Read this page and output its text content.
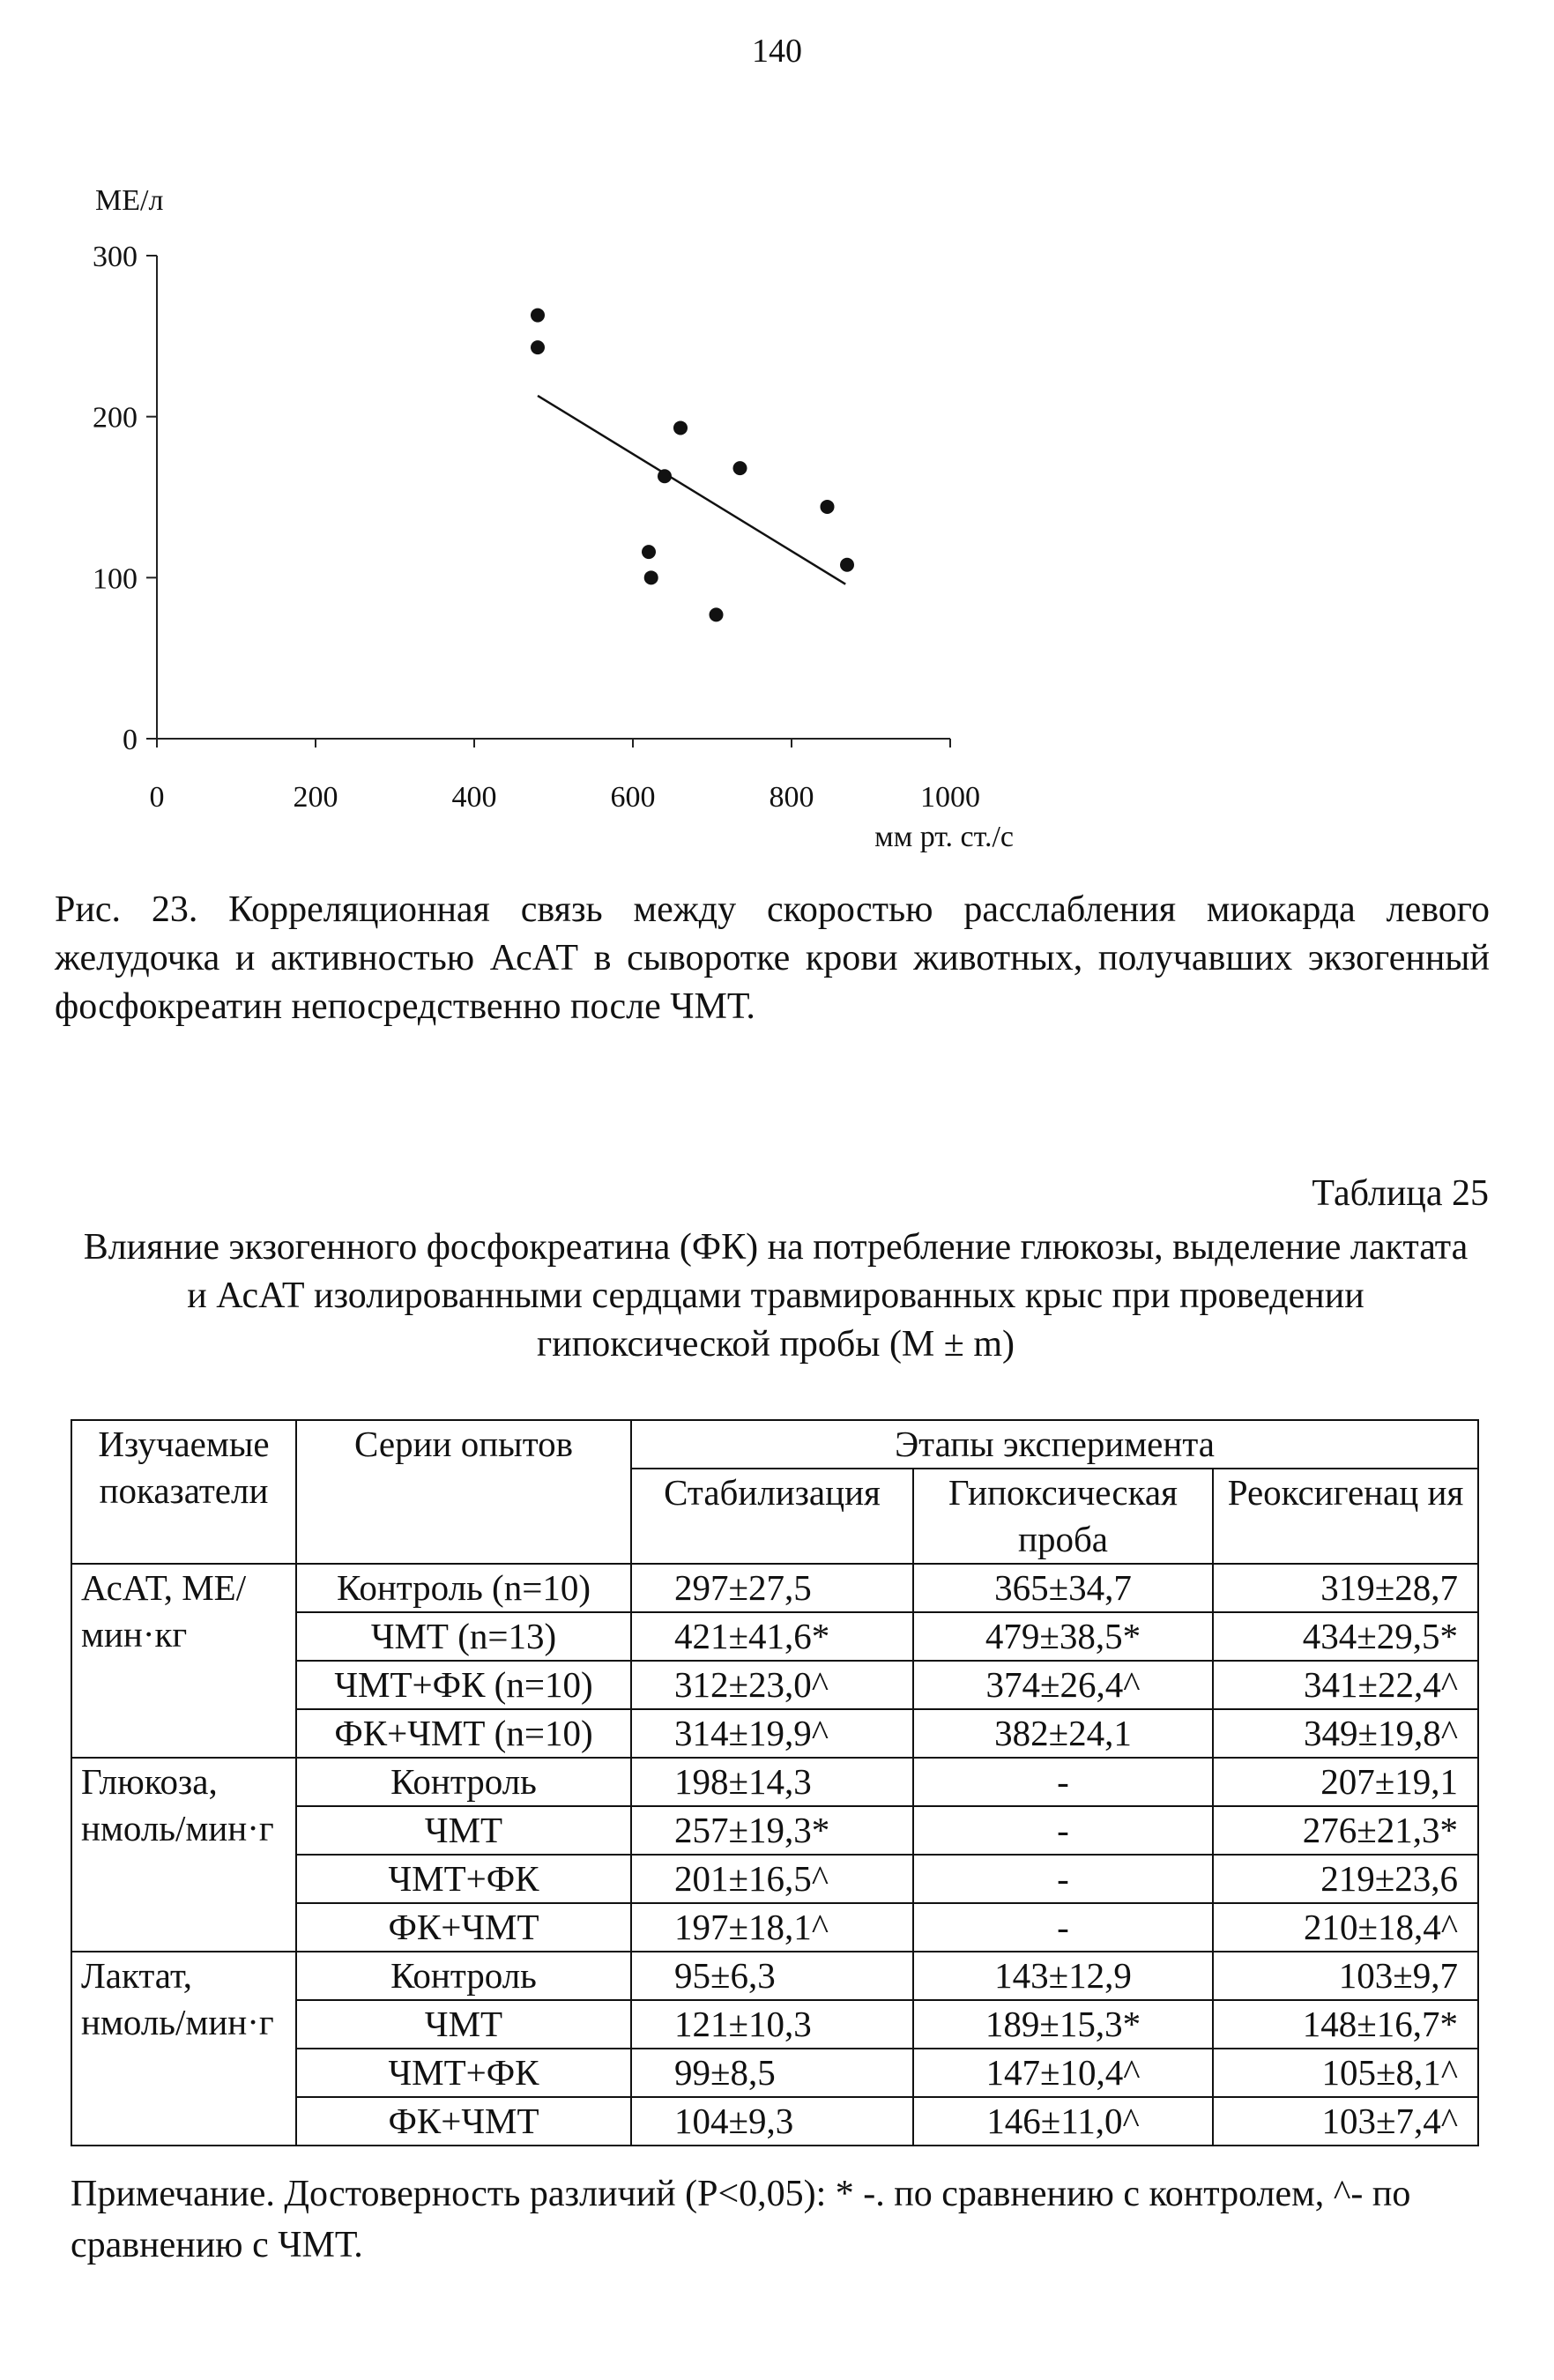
140
0
100
200
300
0	200	400	600	800	1000
МЕ/л
мм рт. ст./с

Рис. 23. Корреляционная связь между скоростью расслабления миокарда левого желудочка и активностью АсАТ в сыворотке крови животных, получавших экзогенный фосфокреатин непосредственно после ЧМТ.

Таблица 25

Влияние экзогенного фосфокреатина (ФК) на потребление глюкозы, выделение лактата и АсАТ изолированными сердцами травмированных крыс при проведении гипоксической пробы (М ± m)

Изучаемые показатели	Серии опытов	Этапы эксперимента		
		Стабилизация	Гипоксическая проба	Реоксигенац ия

АсАТ, МЕ/мин·кг	Контроль (n=10)	297±27,5	365±34,7	319±28,7
	ЧМТ (n=13)	421±41,6*	479±38,5*	434±29,5*
	ЧМТ+ФК (n=10)	312±23,0^	374±26,4^	341±22,4^
	ФК+ЧМТ (n=10)	314±19,9^	382±24,1	349±19,8^
Глюкоза, нмоль/мин·г	Контроль	198±14,3	-	207±19,1
	ЧМТ	257±19,3*	-	276±21,3*
	ЧМТ+ФК	201±16,5^	-	219±23,6
	ФК+ЧМТ	197±18,1^	-	210±18,4^
Лактат, нмоль/мин·г	Контроль	95±6,3	143±12,9	103±9,7
	ЧМТ	121±10,3	189±15,3*	148±16,7*
	ЧМТ+ФК	99±8,5	147±10,4^	105±8,1^
	ФК+ЧМТ	104±9,3	146±11,0^	103±7,4^

Примечание. Достоверность различий (Р<0,05): * -. по сравнению с контролем, ^- по сравнению с ЧМТ.
